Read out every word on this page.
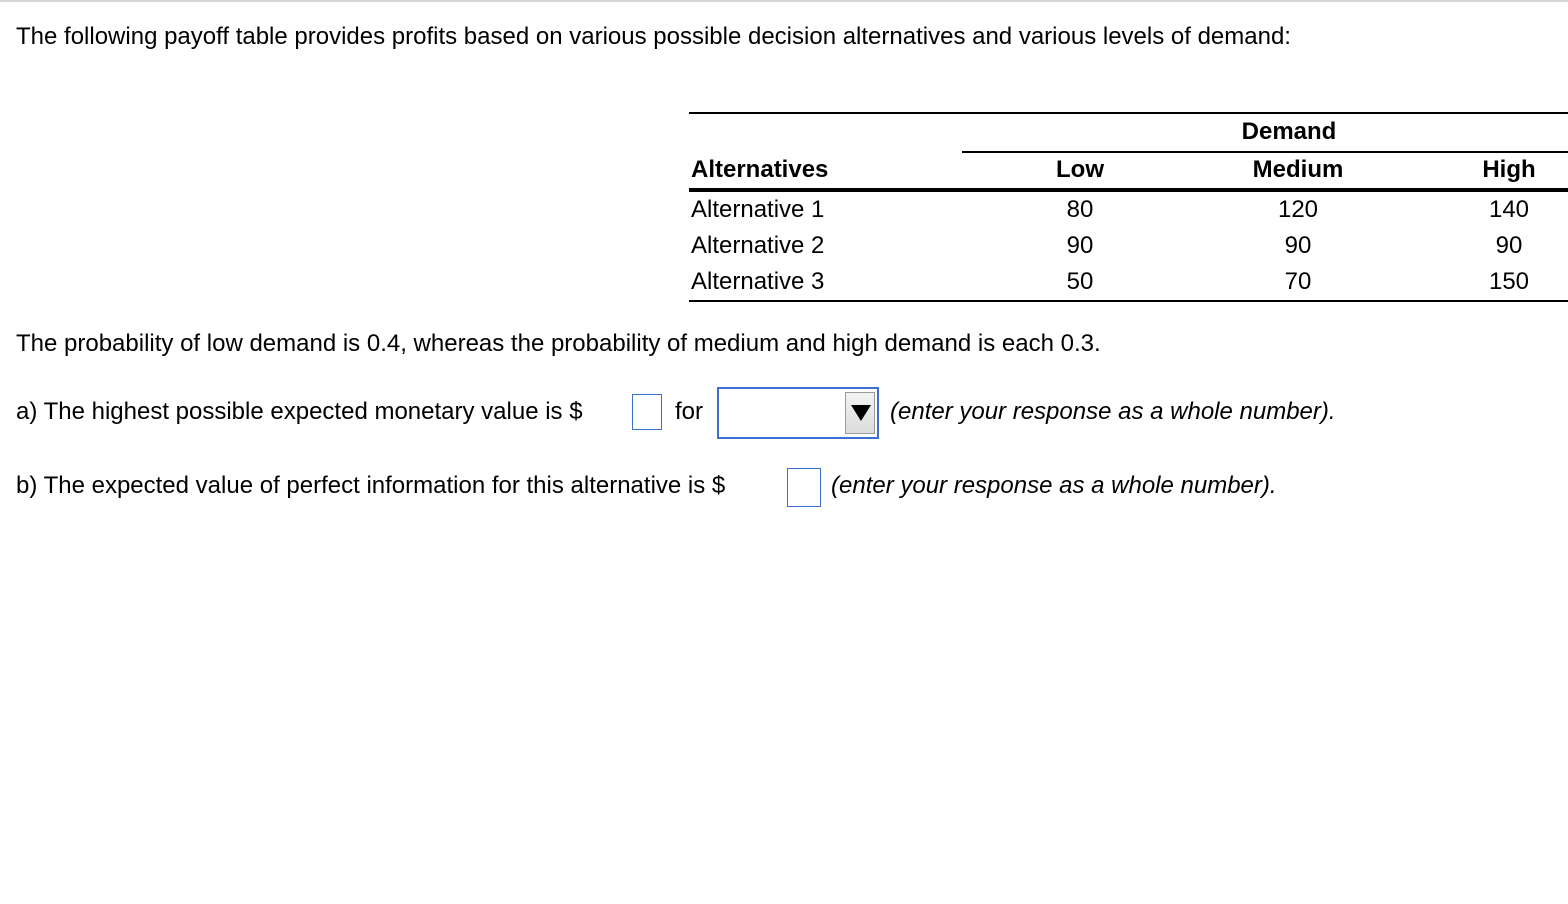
The following payoff table provides profits based on various possible decision alternatives and various levels of demand:
Demand
Alternatives	Low	Medium	High
Alternative 1	80	120	140
Alternative 2	90	90	90
Alternative 3	50	70	150
The probability of low demand is 0.4, whereas the probability of medium and high demand is each 0.3.
a) The highest possible expected monetary value is $	for	(enter your response as a whole number).
b) The expected value of perfect information for this alternative is $	(enter your response as a whole number).
